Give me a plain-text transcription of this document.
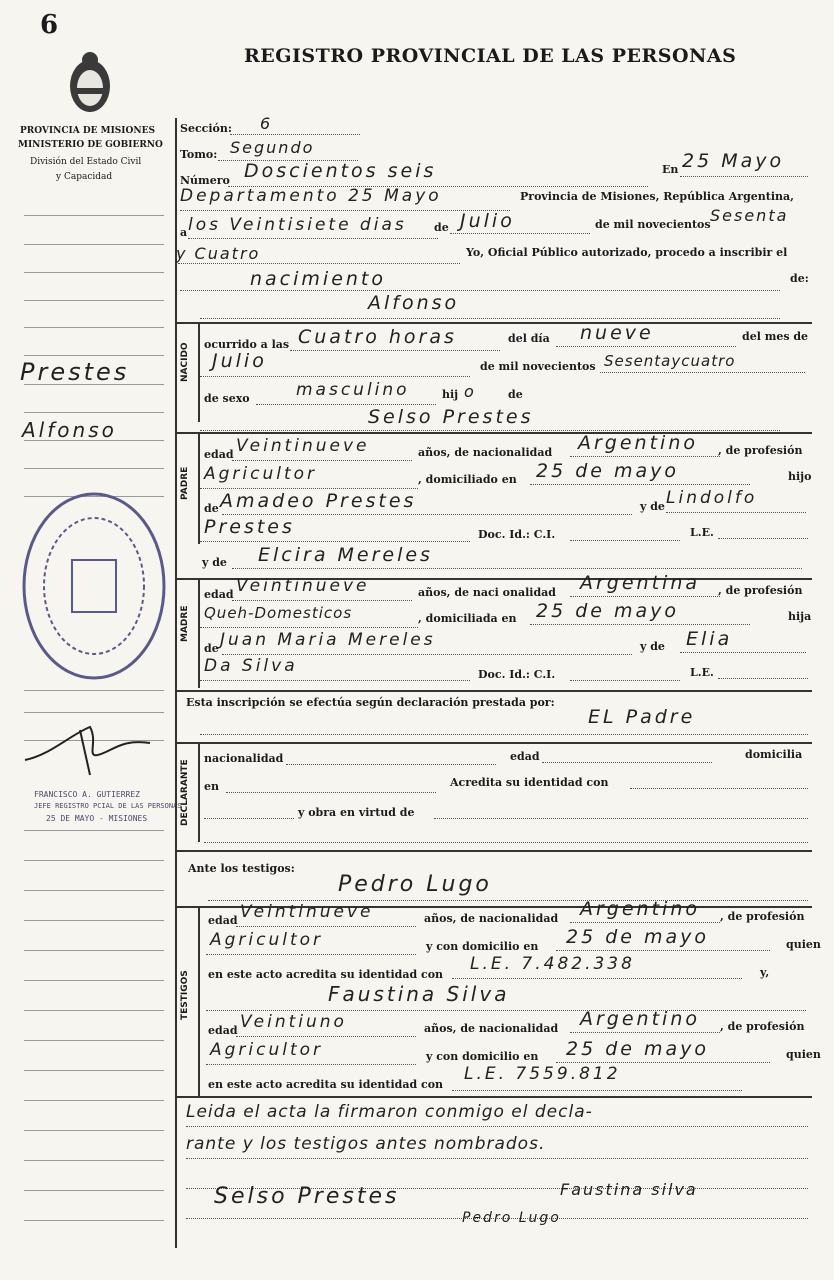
6
REGISTRO PROVINCIAL DE LAS PERSONAS
PROVINCIA DE MISIONES
MINISTERIO DE GOBIERNO
División del Estado Civil
y Capacidad
Prestes
Alfonso
FRANCISCO A. GUTIERREZ
JEFE REGISTRO PCIAL DE LAS PERSONAS
25 DE MAYO - MISIONES
Sección: 6
Tomo: Segundo
Número Doscientos seis	En 25 Mayo
Departamento 25 Mayo	Provincia de Misiones, República Argentina,
a los Veintisiete dias de Julio	de mil novecientos Sesenta
y Cuatro	Yo, Oficial Público autorizado, procedo a inscribir el
nacimiento	de:
NACIDO
Alfonso
ocurrido a las Cuatro horas	del día nueve	del mes de
Julio	de mil novecientos Sesentaycuatro
de sexo	masculino	hij o	de
PADRE
Selso Prestes
edad Veintinueve	años, de nacionalidad Argentino , de profesión
Agricultor	, domiciliado en 25 de mayo	hijo
de Amadeo Prestes	y de Lindolfo
Prestes	Doc. Id.: C.I.	L.E.
y de Elcira Mereles
MADRE
edad Veintinueve	años, de naci onalidad Argentina , de profesión
Queh-Domesticos	, domiciliada en 25 de mayo	hija
de Juan Maria Mereles	y de Elia
Da Silva	Doc. Id.: C.I.	L.E.
Esta inscripción se efectúa según declaración prestada por:
EL Padre
DECLARANTE
nacionalidad	edad	domicilia
en	Acredita su identidad con
y obra en virtud de
Ante los testigos:
Pedro Lugo
TESTIGOS
edad Veintinueve	años, de nacionalidad Argentino , de profesión
Agricultor	y con domicilio en 25 de mayo	quien
en este acto acredita su identidad con
L.E. 7.482.338	y,
Faustina Silva
edad Veintiuno	años, de nacionalidad Argentino , de profesión
Agricultor	y con domicilio en 25 de mayo	quien
en este acto acredita su identidad con
L.E. 7559.812
Leida el acta la firmaron conmigo el decla-
rante y los testigos antes nombrados.
Selso Prestes	Faustina silva
Pedro Lugo
